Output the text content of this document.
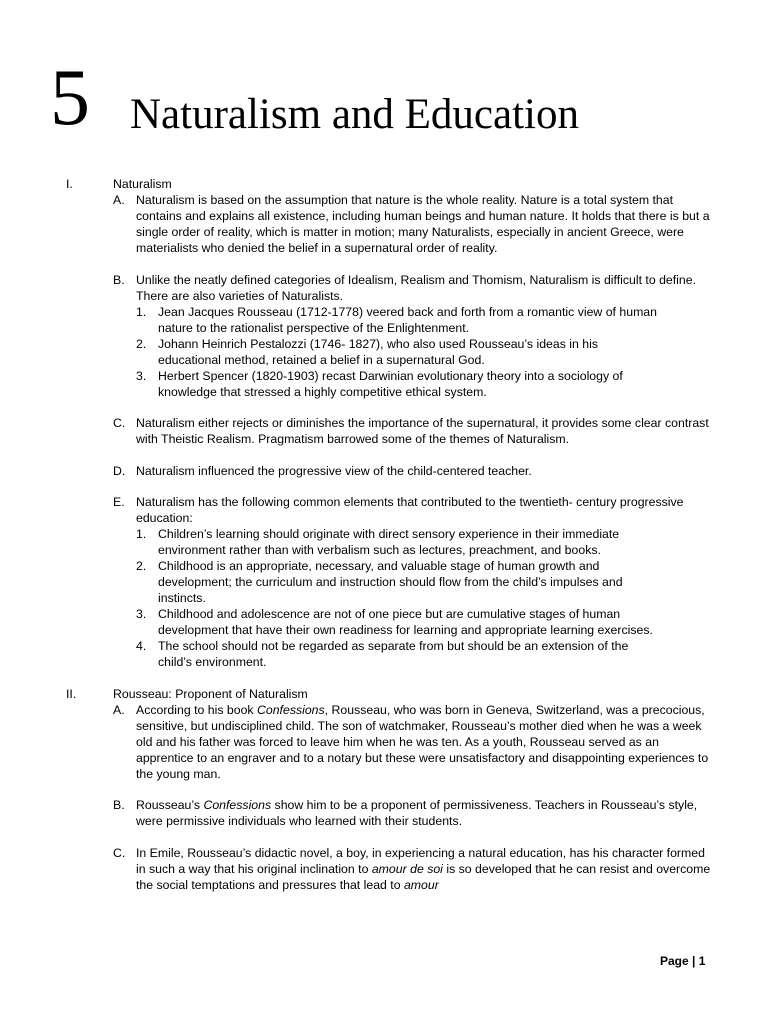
5 Naturalism and Education
I.	Naturalism

A. Naturalism is based on the assumption that nature is the whole reality. Nature is a total system that contains and explains all existence, including human beings and human nature. It holds that there is but a single order of reality, which is matter in motion; many Naturalists, especially in ancient Greece, were materialists who denied the belief in a supernatural order of reality.

B. Unlike the neatly defined categories of Idealism, Realism and Thomism, Naturalism is difficult to define. There are also varieties of Naturalists.

1. Jean Jacques Rousseau (1712-1778) veered back and forth from a romantic view of human nature to the rationalist perspective of the Enlightenment.

2. Johann Heinrich Pestalozzi (1746- 1827), who also used Rousseau’s ideas in his educational method, retained a belief in a supernatural God.

3. Herbert Spencer (1820-1903) recast Darwinian evolutionary theory into a sociology of knowledge that stressed a highly competitive ethical system.

C. Naturalism either rejects or diminishes the importance of the supernatural, it provides some clear contrast with Theistic Realism. Pragmatism barrowed some of the themes of Naturalism.

D. Naturalism influenced the progressive view of the child-centered teacher.

E. Naturalism has the following common elements that contributed to the twentieth- century progressive education:

1. Children’s learning should originate with direct sensory experience in their immediate environment rather than with verbalism such as lectures, preachment, and books.

2. Childhood is an appropriate, necessary, and valuable stage of human growth and development; the curriculum and instruction should flow from the child’s impulses and instincts.

3. Childhood and adolescence are not of one piece but are cumulative stages of human development that have their own readiness for learning and appropriate learning exercises.

4. The school should not be regarded as separate from but should be an extension of the child’s environment.

II.	Rousseau: Proponent of Naturalism

A. According to his book Confessions, Rousseau, who was born in Geneva, Switzerland, was a precocious, sensitive, but undisciplined child. The son of watchmaker, Rousseau’s mother died when he was a week old and his father was forced to leave him when he was ten. As a youth, Rousseau served as an apprentice to an engraver and to a notary but these were unsatisfactory and disappointing experiences to the young man.

B. Rousseau’s Confessions show him to be a proponent of permissiveness. Teachers in Rousseau’s style, were permissive individuals who learned with their students.

C. In Emile, Rousseau’s didactic novel, a boy, in experiencing a natural education, has his character formed in such a way that his original inclination to amour de soi is so developed that he can resist and overcome the social temptations and pressures that lead to amour

Page | 1
